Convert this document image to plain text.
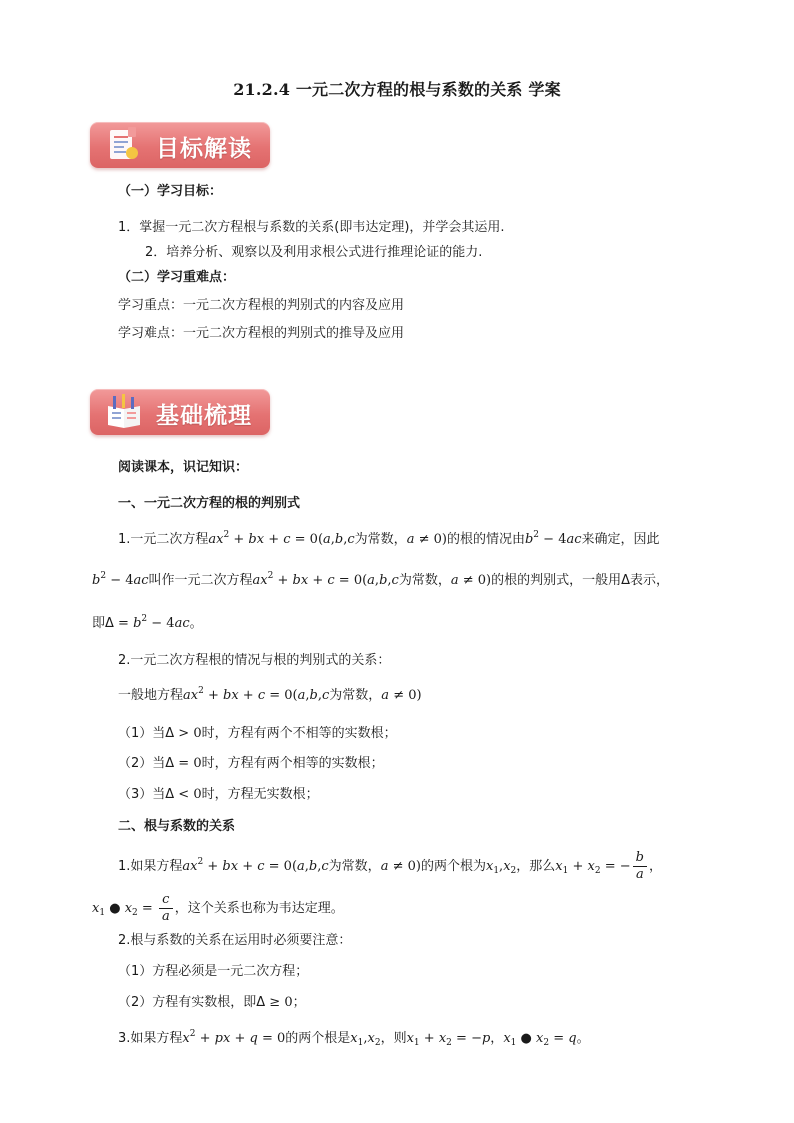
21.2.4 一元二次方程的根与系数的关系 学案
目标解读
（一）学习目标：
1．掌握一元二次方程根与系数的关系(即韦达定理)，并学会其运用.
2．培养分析、观察以及利用求根公式进行推理论证的能力.
（二）学习重难点：
学习重点：一元二次方程根的判别式的内容及应用
学习难点：一元二次方程根的判别式的推导及应用
基础梳理
阅读课本，识记知识：
一、一元二次方程的根的判别式
1.一元二次方程$ax^2$ + bx + c = 0(a,b,c为常数，a ≠ 0)的根的情况由$b^2 - 4ac$来确定，因此
$b^2 - 4ac$叫作一元二次方程$ax^2$ + bx + c = 0(a,b,c为常数，a ≠ 0)的根的判别式，一般用Δ表示，
即$\Delta = b^2 - 4ac$。
2.一元二次方程根的情况与根的判别式的关系：
一般地方程$ax^2$ + bx + c = 0(a,b,c为常数，a ≠ 0)
（1）当Δ > 0时，方程有两个不相等的实数根；
（2）当Δ = 0时，方程有两个相等的实数根；
（3）当Δ < 0时，方程无实数根；
二、根与系数的关系
1.如果方程$ax^2$ + bx + c = 0(a,b,c为常数，a ≠ 0)的两个根为$x_1,x_2$，那么$x_1 + x_2$ = − $\frac{b}{a}$ ，
$x_1$ ● $x_2 = \frac{c}{a}$ ，这个关系也称为韦达定理。
2.根与系数的关系在运用时必须要注意：
（1）方程必须是一元二次方程；
（2）方程有实数根，即Δ ≥ 0；
3.如果方程$x^2$ + px + q = 0的两个根是$x_1,x_2$，则$x_1 + x_2 = -p$，$x_1$ ● $x_2 = q$。
